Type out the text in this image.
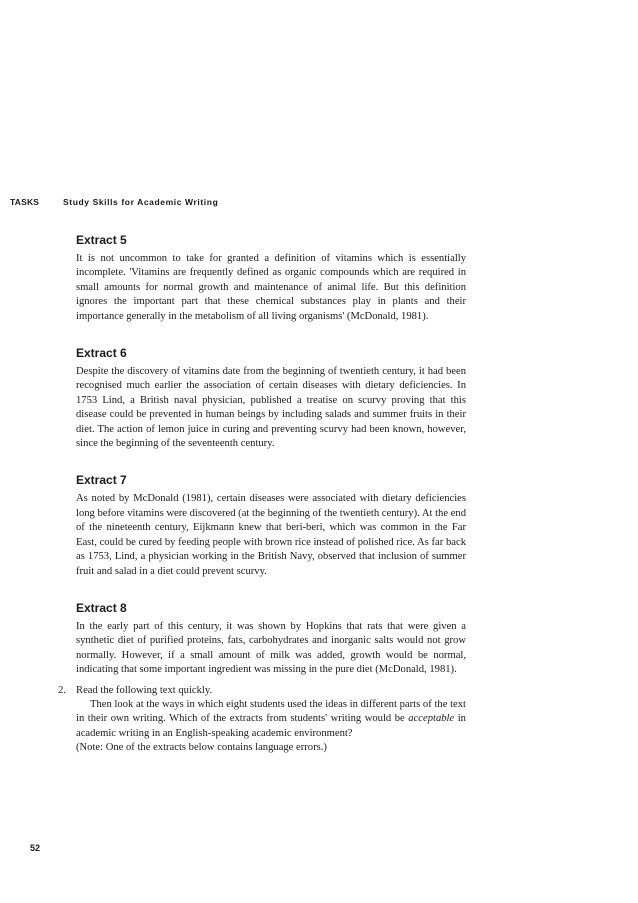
TASKS	Study Skills for Academic Writing
Extract 5

It is not uncommon to take for granted a definition of vitamins which is essentially incomplete. 'Vitamins are frequently defined as organic compounds which are required in small amounts for normal growth and maintenance of animal life. But this definition ignores the important part that these chemical substances play in plants and their importance generally in the metabolism of all living organisms' (McDonald, 1981).

Extract 6

Despite the discovery of vitamins date from the beginning of twentieth century, it had been recognised much earlier the association of certain diseases with dietary deficiencies. In 1753 Lind, a British naval physician, published a treatise on scurvy proving that this disease could be prevented in human beings by including salads and summer fruits in their diet. The action of lemon juice in curing and preventing scurvy had been known, however, since the beginning of the seventeenth century.

Extract 7

As noted by McDonald (1981), certain diseases were associated with dietary deficiencies long before vitamins were discovered (at the beginning of the twentieth century). At the end of the nineteenth century, Eijkmann knew that beri-beri, which was common in the Far East, could be cured by feeding people with brown rice instead of polished rice. As far back as 1753, Lind, a physician working in the British Navy, observed that inclusion of summer fruit and salad in a diet could prevent scurvy.

Extract 8

In the early part of this century, it was shown by Hopkins that rats that were given a synthetic diet of purified proteins, fats, carbohydrates and inorganic salts would not grow normally. However, if a small amount of milk was added, growth would be normal, indicating that some important ingredient was missing in the pure diet (McDonald, 1981).

2. Read the following text quickly.

Then look at the ways in which eight students used the ideas in different parts of the text in their own writing. Which of the extracts from students' writing would be acceptable in academic writing in an English-speaking academic environment?

(Note: One of the extracts below contains language errors.)

52
